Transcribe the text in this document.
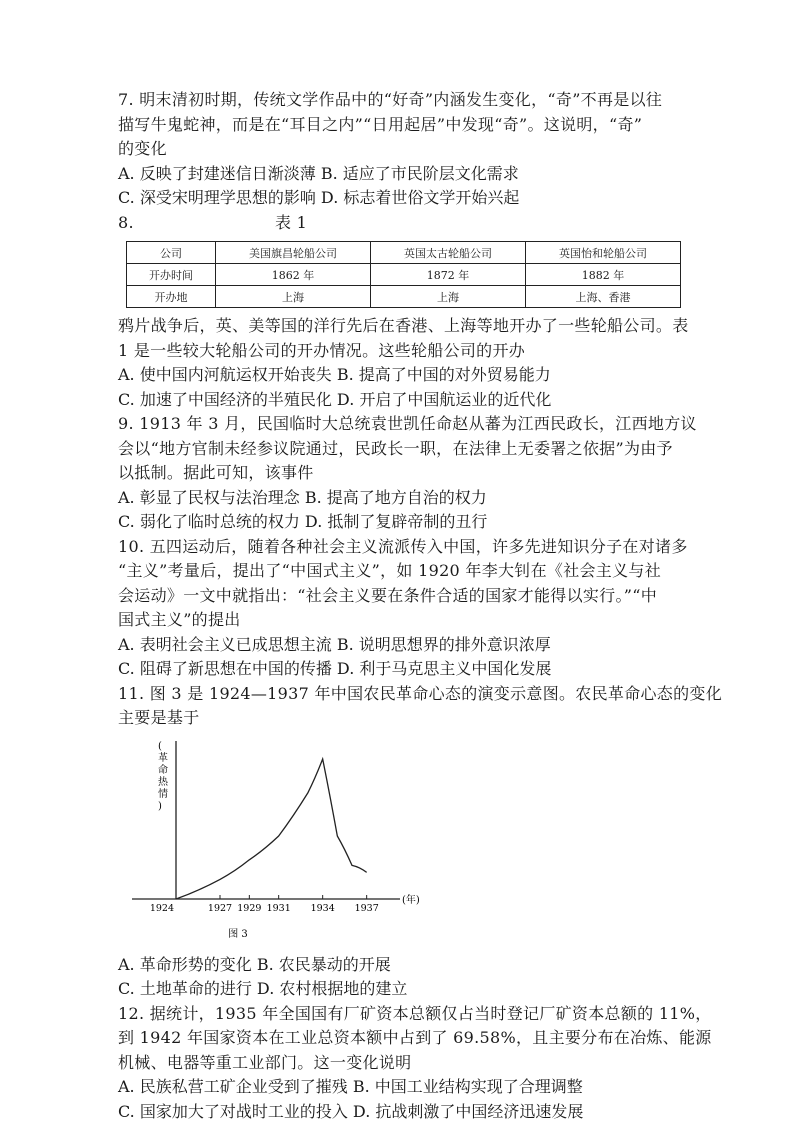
7. 明末清初时期，传统文学作品中的“好奇”内涵发生变化，“奇”不再是以往
描写牛鬼蛇神，而是在“耳目之内”“日用起居”中发现“奇”。这说明，“奇”
的变化
A. 反映了封建迷信日渐淡薄 B. 适应了市民阶层文化需求
C. 深受宋明理学思想的影响 D. 标志着世俗文学开始兴起
8.	表 1
公司	美国旗昌轮船公司	英国太古轮船公司	英国怡和轮船公司
开办时间	1862 年	1872 年	1882 年
开办地	上海	上海	上海、香港
鸦片战争后，英、美等国的洋行先后在香港、上海等地开办了一些轮船公司。表
1 是一些较大轮船公司的开办情况。这些轮船公司的开办
A. 使中国内河航运权开始丧失 B. 提高了中国的对外贸易能力
C. 加速了中国经济的半殖民化 D. 开启了中国航运业的近代化
9. 1913 年 3 月，民国临时大总统袁世凯任命赵从蕃为江西民政长，江西地方议
会以“地方官制未经参议院通过，民政长一职，在法律上无委署之依据”为由予
以抵制。据此可知，该事件
A. 彰显了民权与法治理念 B. 提高了地方自治的权力
C. 弱化了临时总统的权力 D. 抵制了复辟帝制的丑行
10. 五四运动后，随着各种社会主义流派传入中国，许多先进知识分子在对诸多
“主义”考量后，提出了“中国式主义”，如 1920 年李大钊在《社会主义与社
会运动》一文中就指出：“社会主义要在条件合适的国家才能得以实行。”“中
国式主义”的提出
A. 表明社会主义已成思想主流 B. 说明思想界的排外意识浓厚
C. 阻碍了新思想在中国的传播 D. 利于马克思主义中国化发展
11. 图 3 是 1924—1937 年中国农民革命心态的演变示意图。农民革命心态的变化
主要是基于
(革命热情)
(年)
1924	1927 1929 1931 1934 1937
图 3
A. 革命形势的变化 B. 农民暴动的开展
C. 土地革命的进行 D. 农村根据地的建立
12. 据统计，1935 年全国国有厂矿资本总额仅占当时登记厂矿资本总额的 11%，
到 1942 年国家资本在工业总资本额中占到了 69.58%，且主要分布在冶炼、能源
机械、电器等重工业部门。这一变化说明
A. 民族私营工矿企业受到了摧残 B. 中国工业结构实现了合理调整
C. 国家加大了对战时工业的投入 D. 抗战刺激了中国经济迅速发展
